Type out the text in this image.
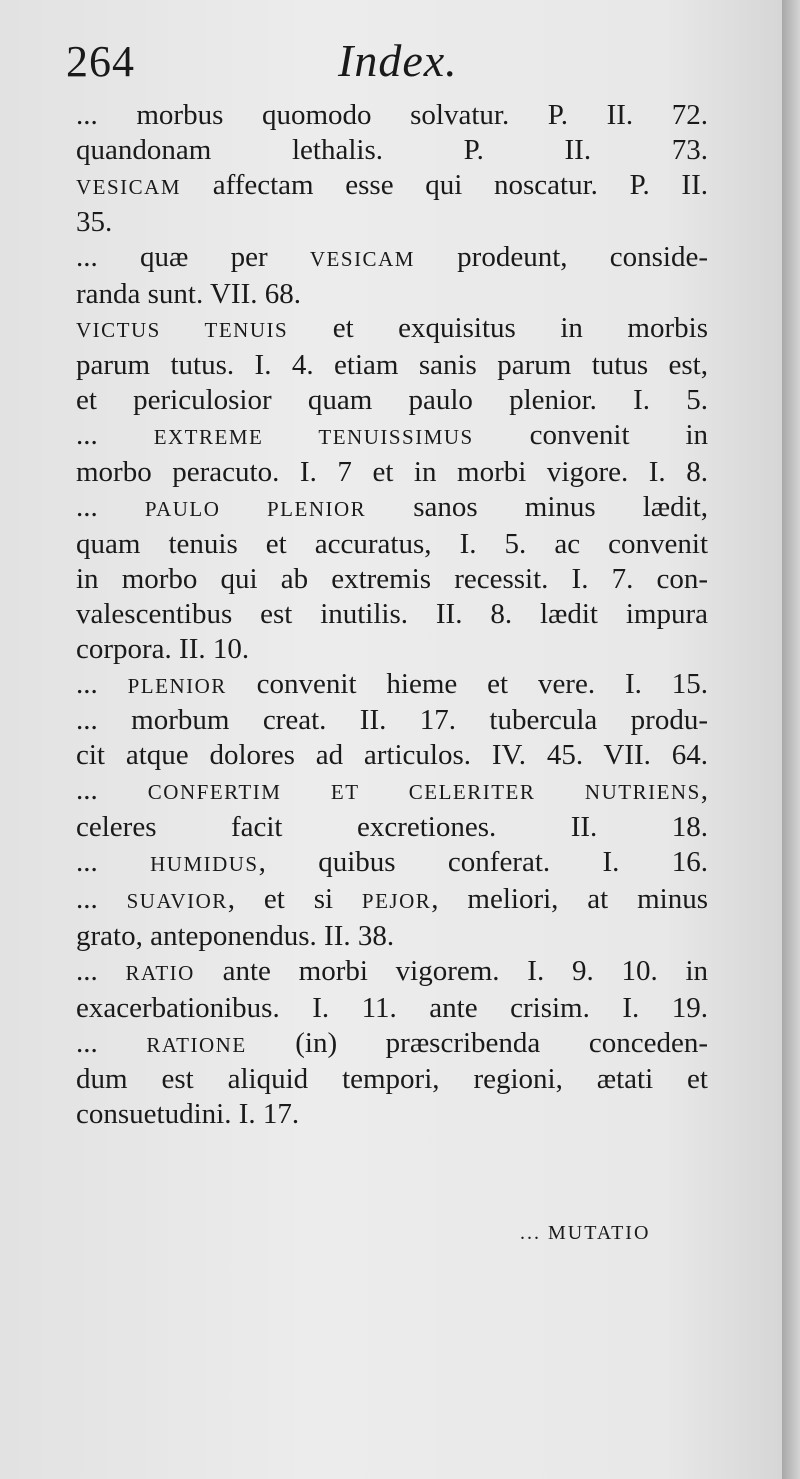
264	Index.
... morbus quomodo solvatur. P. II. 72.
quandonam lethalis. P. II. 73.
VESICAM affectam esse qui noscatur. P. II.
35.
... quæ per VESICAM prodeunt, conside-
randa sunt. VII. 68.
VICTUS TENUIS et exquisitus in morbis
parum tutus. I. 4. etiam sanis parum tutus est,
et periculosior quam paulo plenior. I. 5.
... EXTREME TENUISSIMUS convenit in
morbo peracuto. I. 7 et in morbi vigore. I. 8.
... PAULO PLENIOR sanos minus lædit,
quam tenuis et accuratus, I. 5. ac convenit
in morbo qui ab extremis recessit. I. 7. con-
valescentibus est inutilis. II. 8. lædit impura
corpora. II. 10.
... PLENIOR convenit hieme et vere. I. 15.
... morbum creat. II. 17. tubercula produ-
cit atque dolores ad articulos. IV. 45. VII. 64.
... CONFERTIM ET CELERITER NUTRIENS,
celeres facit excretiones. II. 18.
... HUMIDUS, quibus conferat. I. 16.
... SUAVIOR, et si PEJOR, meliori, at minus
grato, anteponendus. II. 38.
... RATIO ante morbi vigorem. I. 9. 10. in
exacerbationibus. I. 11. ante crisim. I. 19.
... RATIONE (in) præscribenda conceden-
dum est aliquid tempori, regioni, ætati et
consuetudini. I. 17.
... MUTATIO
